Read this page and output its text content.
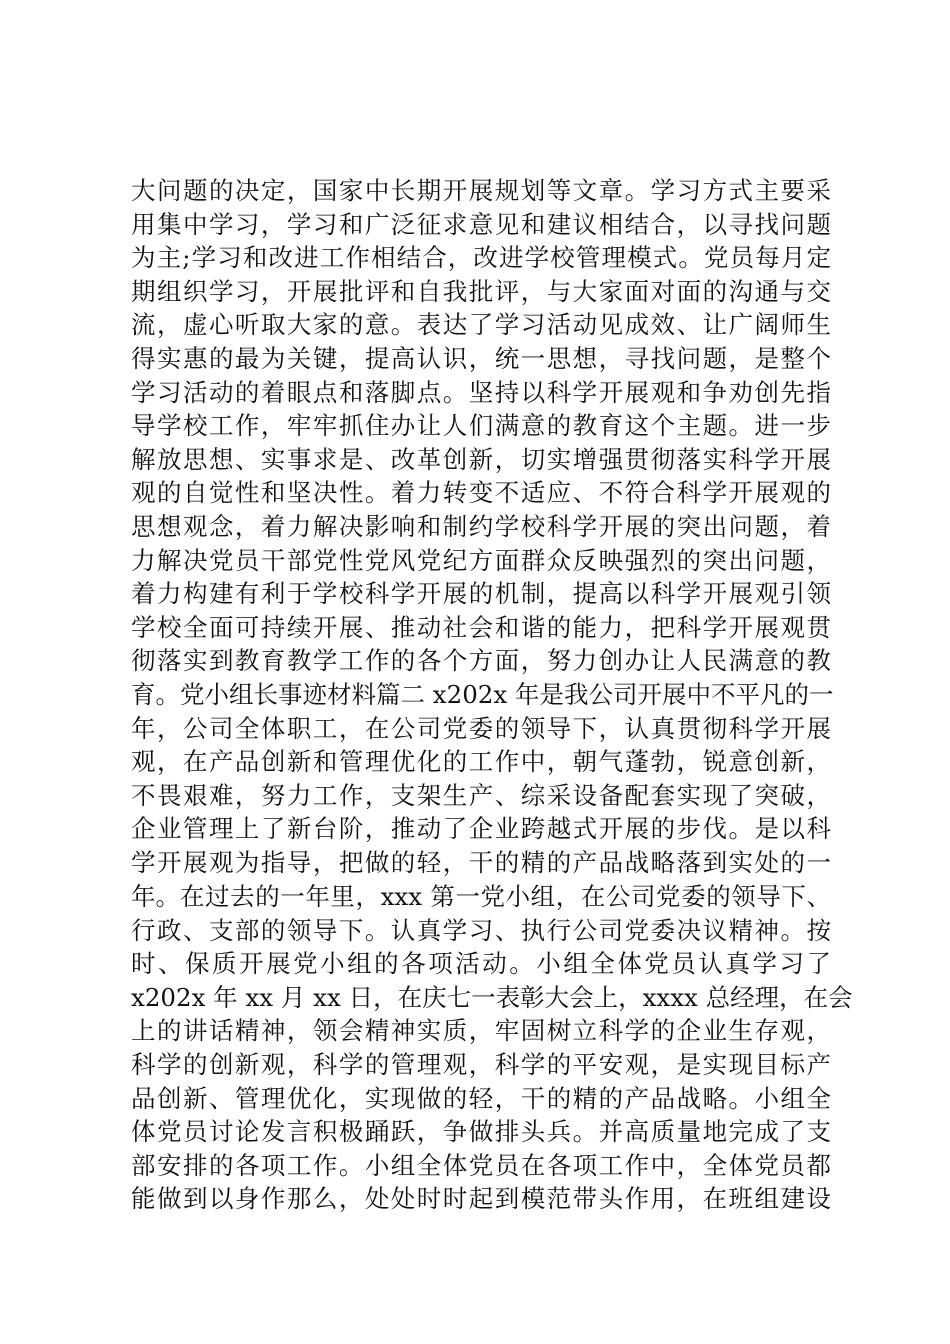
大问题的决定，国家中长期开展规划等文章。学习方式主要采
用集中学习，学习和广泛征求意见和建议相结合，以寻找问题
为主;学习和改进工作相结合，改进学校管理模式。党员每月定
期组织学习，开展批评和自我批评，与大家面对面的沟通与交
流，虚心听取大家的意。表达了学习活动见成效、让广阔师生
得实惠的最为关键，提高认识，统一思想，寻找问题，是整个
学习活动的着眼点和落脚点。坚持以科学开展观和争劝创先指
导学校工作，牢牢抓住办让人们满意的教育这个主题。进一步
解放思想、实事求是、改革创新，切实增强贯彻落实科学开展
观的自觉性和坚决性。着力转变不适应、不符合科学开展观的
思想观念，着力解决影响和制约学校科学开展的突出问题，着
力解决党员干部党性党风党纪方面群众反映强烈的突出问题，
着力构建有利于学校科学开展的机制，提高以科学开展观引领
学校全面可持续开展、推动社会和谐的能力，把科学开展观贯
彻落实到教育教学工作的各个方面，努力创办让人民满意的教
育。 党小组长事迹材料篇二 x202x 年是我公司开展中不平凡的一
年，公司全体职工，在公司党委的领导下，认真贯彻科学开展
观，在产品创新和管理优化的工作中，朝气蓬勃，锐意创新，
不畏艰难，努力工作，支架生产、综采设备配套实现了突破，
企业管理上了新台阶，推动了企业跨越式开展的步伐。是以科
学开展观为指导，把做的轻，干的精的产品战略落到实处的一
年。 在过去的一年里，xxx 第一党小组，在公司党委的领导下、
行政、支部的领导下。认真学习、执行公司党委决议精神。按
时、保质开展党小组的各项活动。小组全体党员认真学习了
x202x 年 xx 月 xx 日，在庆七一表彰大会上，xxxx 总经理，在会
上的讲话精神，领会精神实质，牢固树立科学的企业生存观，
科学的创新观，科学的管理观，科学的平安观，是实现目标产
品创新、管理优化，实现做的轻，干的精的产品战略。小组全
体党员讨论发言积极踊跃，争做排头兵。并高质量地完成了支
部安排的各项工作。小组全体党员在各项工作中，全体党员都
能做到以身作那么，处处时时起到模范带头作用，在班组建设
